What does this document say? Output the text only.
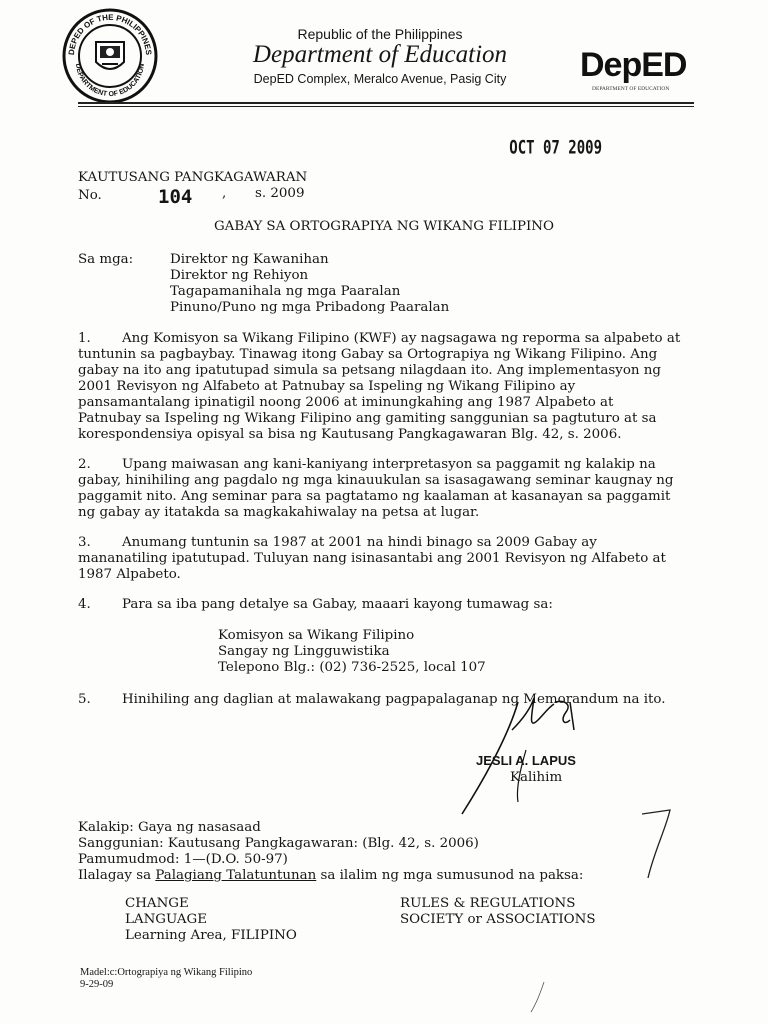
DEPED OF THE PHILIPPINES
DEPARTMENT OF EDUCATION
Republic of the Philippines
Department of Education
DepED Complex, Meralco Avenue, Pasig City	DepED
DEPARTMENT OF EDUCATION
OCT 07 2009
KAUTUSANG PANGKAGAWARAN
No.	104 , s. 2009
GABAY SA ORTOGRAPIYA NG WIKANG FILIPINO
Sa mga:	Direktor ng Kawanihan
Direktor ng Rehiyon
Tagapamanihala ng mga Paaralan
Pinuno/Puno ng mga Pribadong Paaralan
1. Ang Komisyon sa Wikang Filipino (KWF) ay nagsagawa ng reporma sa alpabeto at
tuntunin sa pagbaybay. Tinawag itong Gabay sa Ortograpiya ng Wikang Filipino. Ang
gabay na ito ang ipatutupad simula sa petsang nilagdaan ito. Ang implementasyon ng
2001 Revisyon ng Alfabeto at Patnubay sa Ispeling ng Wikang Filipino ay
pansamantalang ipinatigil noong 2006 at iminungkahing ang 1987 Alpabeto at
Patnubay sa Ispeling ng Wikang Filipino ang gamiting sanggunian sa pagtuturo at sa
korespondensiya opisyal sa bisa ng Kautusang Pangkagawaran Blg. 42, s. 2006.
2. Upang maiwasan ang kani-kaniyang interpretasyon sa paggamit ng kalakip na
gabay, hinihiling ang pagdalo ng mga kinauukulan sa isasagawang seminar kaugnay ng
paggamit nito. Ang seminar para sa pagtatamo ng kaalaman at kasanayan sa paggamit
ng gabay ay itatakda sa magkakahiwalay na petsa at lugar.
3. Anumang tuntunin sa 1987 at 2001 na hindi binago sa 2009 Gabay ay
mananatiling ipatutupad. Tuluyan nang isinasantabi ang 2001 Revisyon ng Alfabeto at
1987 Alpabeto.
4. Para sa iba pang detalye sa Gabay, maaari kayong tumawag sa:
Komisyon sa Wikang Filipino
Sangay ng Lingguwistika
Telepono Blg.: (02) 736-2525, local 107
5. Hinihiling ang daglian at malawakang pagpapalaganap ng Memorandum na ito.
JESLI A. LAPUS
Kalihim
Kalakip: Gaya ng nasasaad
Sanggunian: Kautusang Pangkagawaran: (Blg. 42, s. 2006)
Pamumudmod: 1—(D.O. 50-97)
Ilalagay sa Palagiang Talatuntunan sa ilalim ng mga sumusunod na paksa:
CHANGE
LANGUAGE
Learning Area, FILIPINO
RULES & REGULATIONS
SOCIETY or ASSOCIATIONS
Madel:c:Ortograpiya ng Wikang Filipino
9-29-09
